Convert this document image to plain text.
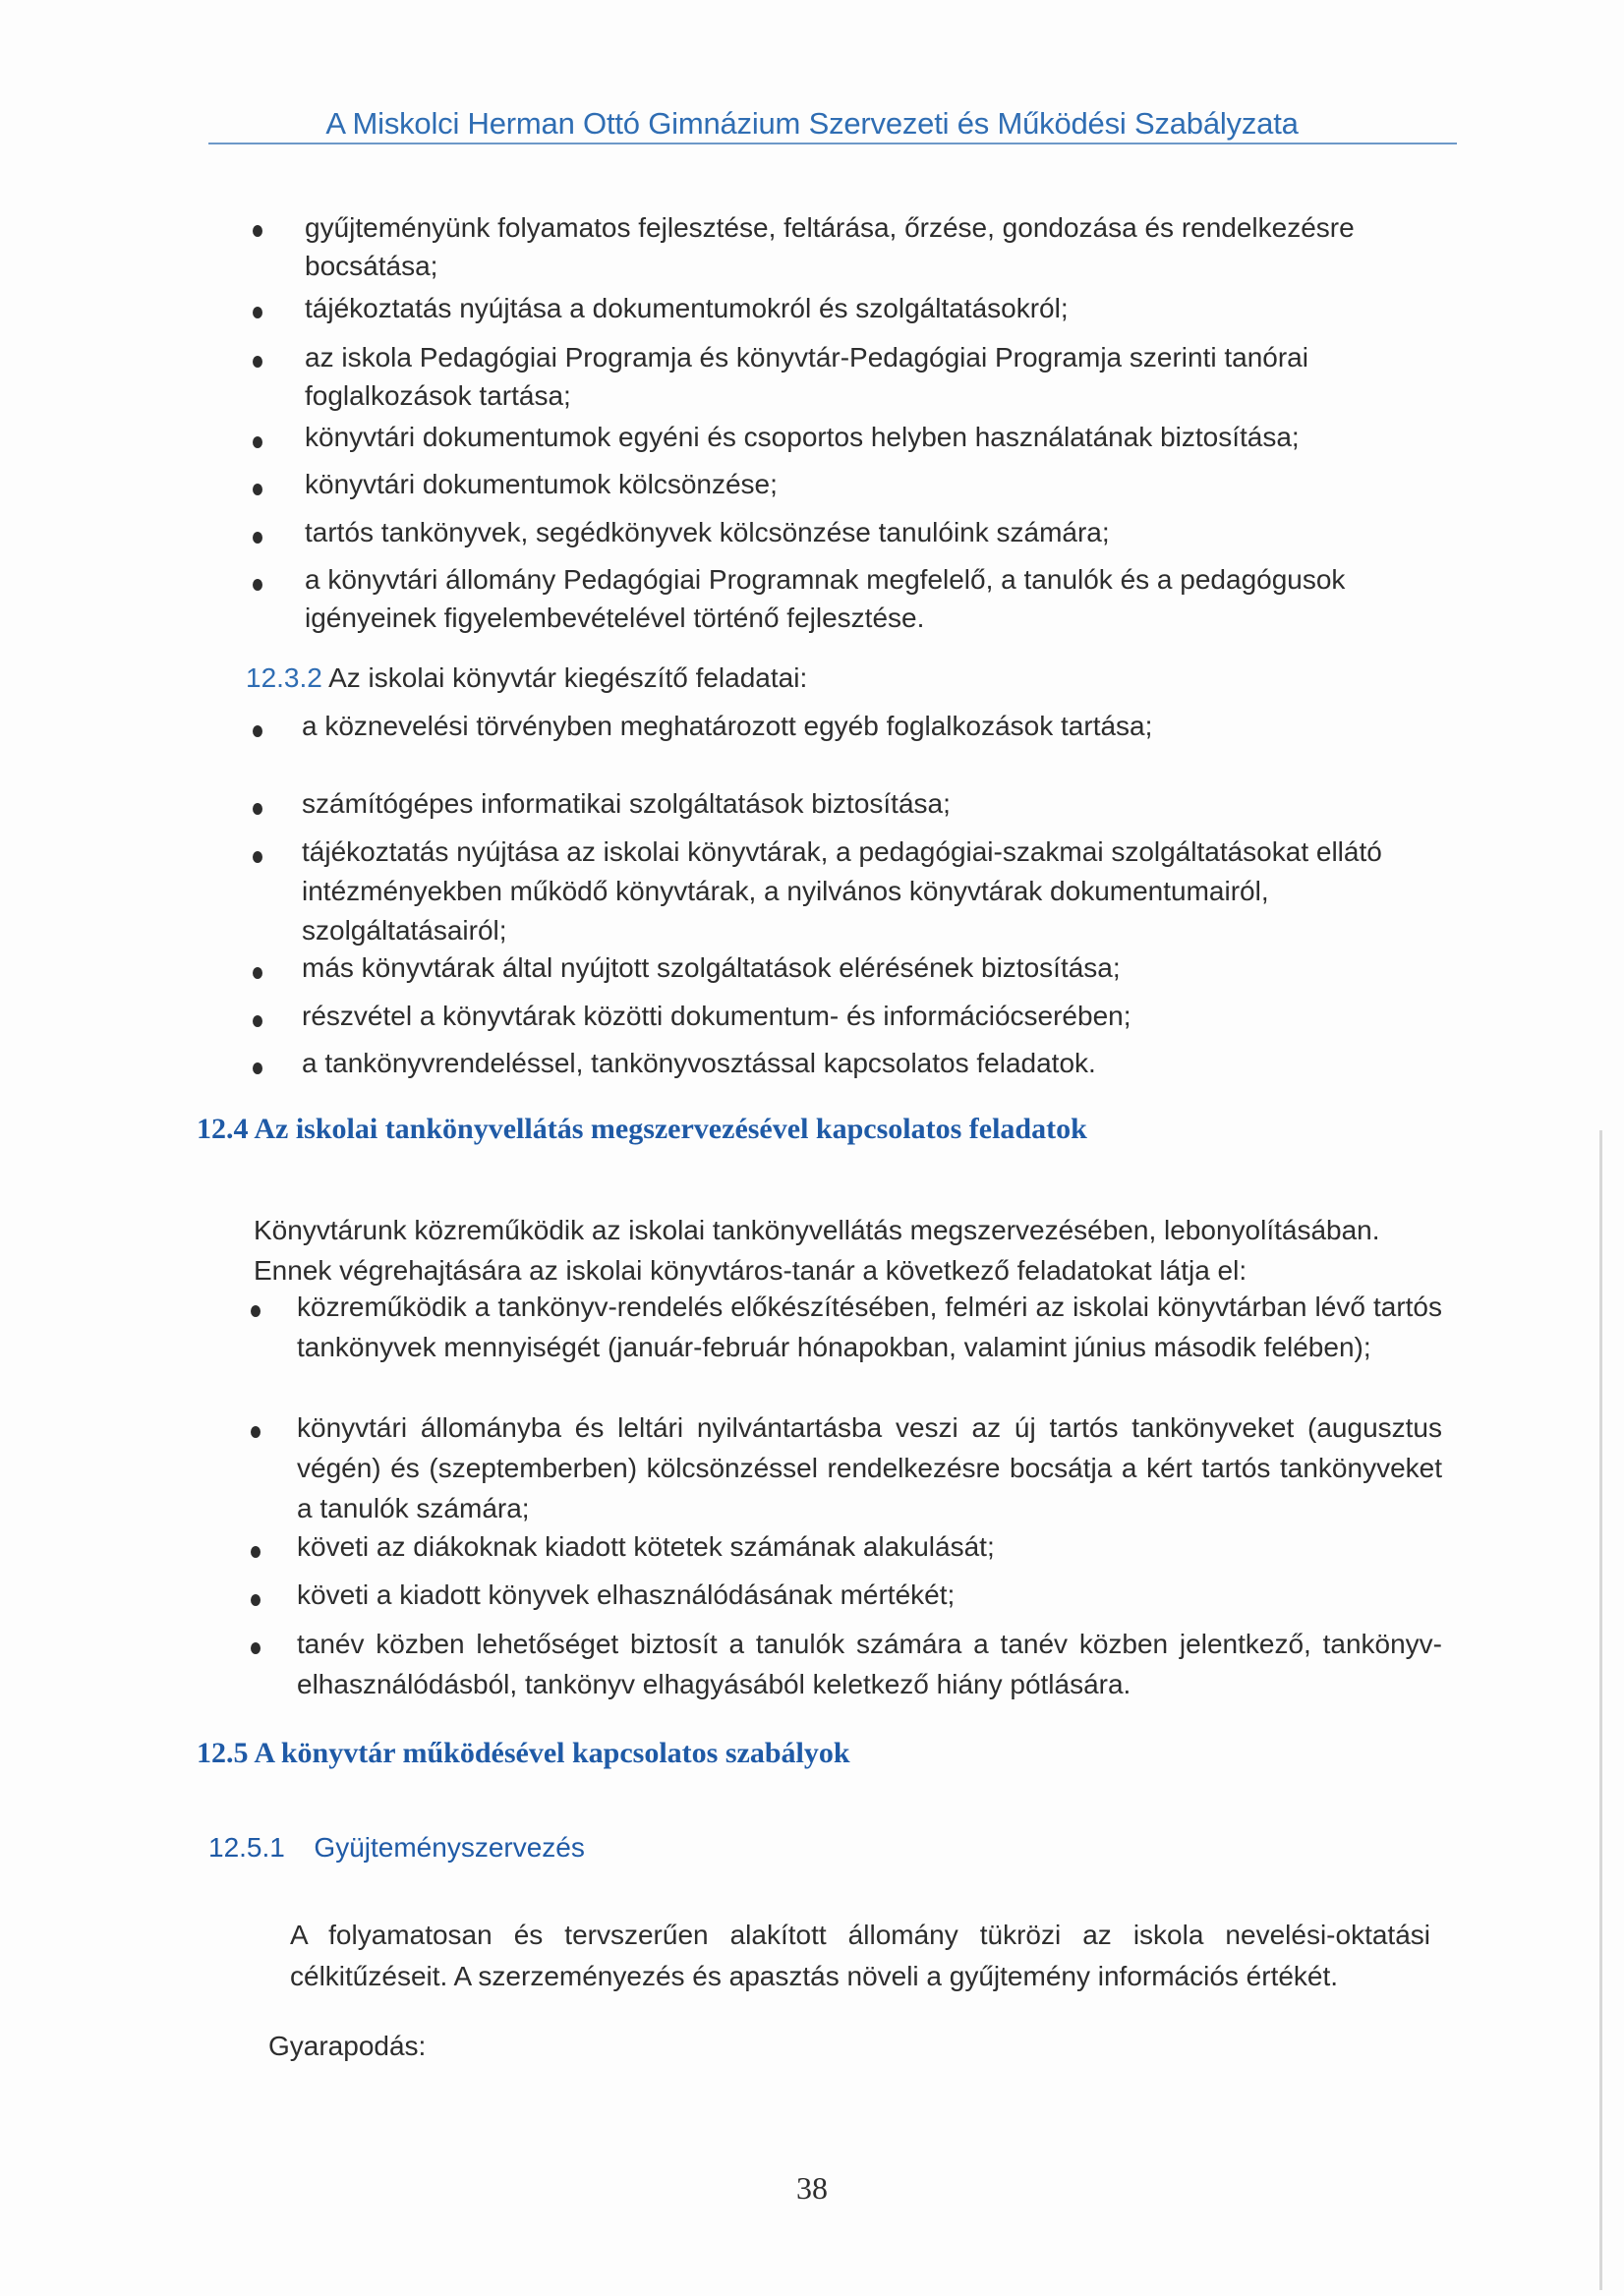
A Miskolci Herman Ottó Gimnázium Szervezeti és Működési Szabályzata
gyűjteményünk folyamatos fejlesztése, feltárása, őrzése, gondozása és rendelkezésre bocsátása;
tájékoztatás nyújtása a dokumentumokról és szolgáltatásokról;
az iskola Pedagógiai Programja és könyvtár-Pedagógiai Programja szerinti tanórai foglalkozások tartása;
könyvtári dokumentumok egyéni és csoportos helyben használatának biztosítása;
könyvtári dokumentumok kölcsönzése;
tartós tankönyvek, segédkönyvek kölcsönzése tanulóink számára;
a könyvtári állomány Pedagógiai Programnak megfelelő, a tanulók és a pedagógusok igényeinek figyelembevételével történő fejlesztése.
12.3.2 Az iskolai könyvtár kiegészítő feladatai:
a köznevelési törvényben meghatározott egyéb foglalkozások tartása;
számítógépes informatikai szolgáltatások biztosítása;
tájékoztatás nyújtása az iskolai könyvtárak, a pedagógiai-szakmai szolgáltatásokat ellátó intézményekben működő könyvtárak, a nyilvános könyvtárak dokumentumairól, szolgáltatásairól;
más könyvtárak által nyújtott szolgáltatások elérésének biztosítása;
részvétel a könyvtárak közötti dokumentum- és információcserében;
a tankönyvrendeléssel, tankönyvosztással kapcsolatos feladatok.
12.4 Az iskolai tankönyvellátás megszervezésével kapcsolatos feladatok
Könyvtárunk közreműködik az iskolai tankönyvellátás megszervezésében, lebonyolításában.
Ennek végrehajtására az iskolai könyvtáros-tanár a következő feladatokat látja el:
közreműködik a tankönyv-rendelés előkészítésében, felméri az iskolai könyvtárban lévő tartós tankönyvek mennyiségét (január-február hónapokban, valamint június második felében);
könyvtári állományba és leltári nyilvántartásba veszi az új tartós tankönyveket (augusztus végén) és (szeptemberben) kölcsönzéssel rendelkezésre bocsátja a kért tartós tankönyveket a tanulók számára;
követi az diákoknak kiadott kötetek számának alakulását;
követi a kiadott könyvek elhasználódásának mértékét;
tanév közben lehetőséget biztosít a tanulók számára a tanév közben jelentkező, tankönyv-elhasználódásból, tankönyv elhagyásából keletkező hiány pótlására.
12.5 A könyvtár működésével kapcsolatos szabályok
12.5.1 Gyüjteményszervezés
A folyamatosan és tervszerűen alakított állomány tükrözi az iskola nevelési-oktatási célkitűzéseit. A szerzeményezés és apasztás növeli a gyűjtemény információs értékét.
Gyarapodás:
38
